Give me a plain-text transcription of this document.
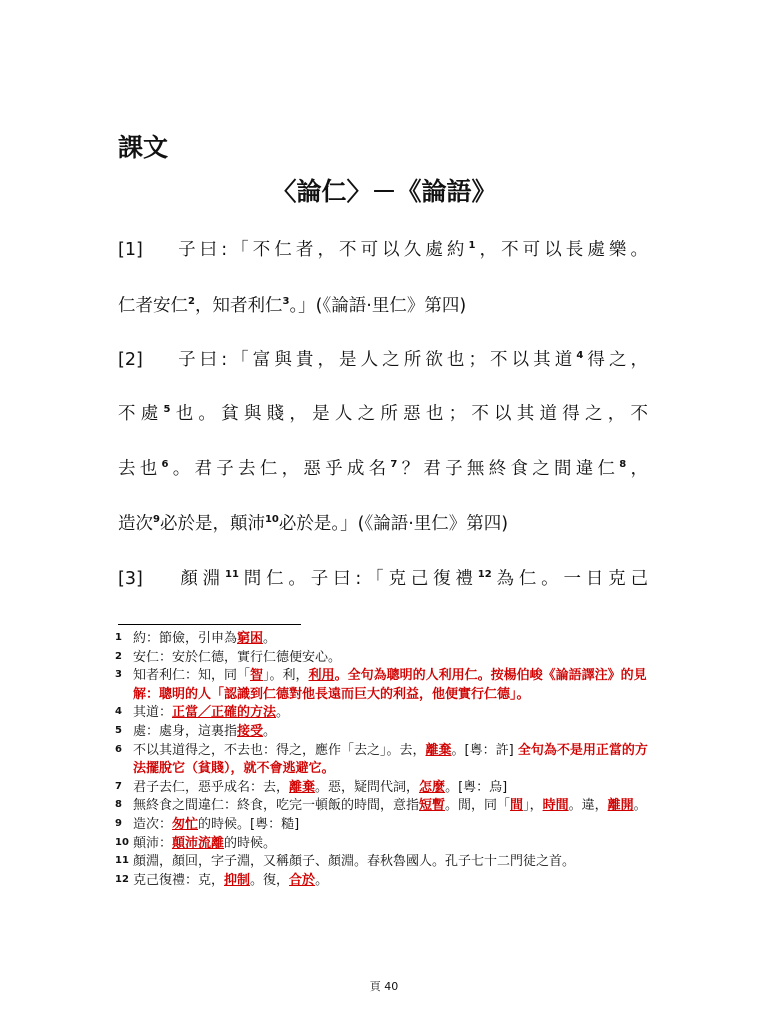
課文
〈論仁〉－《論語》
[1]　 子曰:「不仁者，不可以久處約$^1$，不可以長處樂。
仁者安仁$^2$，知者利仁$^3$。」(《論語·里仁》第四)
[2]　 子曰:「富與貴，是人之所欲也；不以其道$^4$得之，
不處$^5$也。貧與賤，是人之所惡也；不以其道得之，不
去也$^6$。君子去仁，惡乎成名$^7$？君子無終食之間違仁$^8$，
造次$^9$必於是，顛沛$^{10}$必於是。」(《論語·里仁》第四)
[3]　 顏淵$^{11}$問仁。子曰:「克己復禮$^{12}$為仁。一日克己
1 約：節儉，引申為窮困。
2 安仁：安於仁德，實行仁德便安心。
3 知者利仁：知，同「智」。利，利用。全句為聰明的人利用仁。按楊伯峻《論語譯注》的見解：聰明的人「認識到仁德對他長遠而巨大的利益，他便實行仁德」。
4 其道：正當／正確的方法。
5 處：處身，這裏指接受。
6 不以其道得之，不去也：得之，應作「去之」。去，離棄。[粵：許] 全句為不是用正當的方法擺脫它（貧賤），就不會逃避它。
7 君子去仁，惡乎成名：去，離棄。惡，疑問代詞，怎麼。[粵：烏]
8 無終食之間違仁：終食，吃完一頓飯的時間，意指短暫。閒，同「間」，時間。違，離開。
9 造次：匆忙的時候。[粵：糙]
10 顛沛：顛沛流離的時候。
11 顏淵，顏回，字子淵，又稱顏子、顏淵。春秋魯國人。孔子七十二門徒之首。
12 克己復禮：克，抑制。復，合於。
頁 40
